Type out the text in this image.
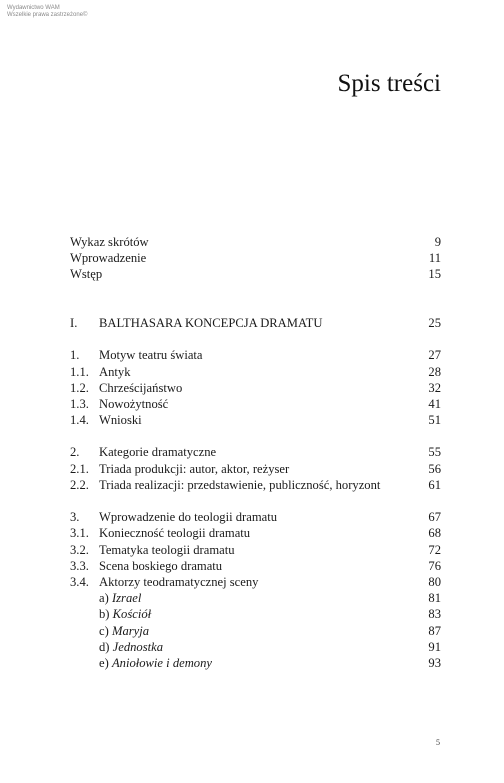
Wydawnictwo WAM
Wszelkie prawa zastrzeżone©
Spis treści
Wykaz skrótów	9
Wprowadzenie	11
Wstęp	15
I. BALTHASARA KONCEPCJA DRAMATU	25
1. Motyw teatru świata	27
1.1. Antyk	28
1.2. Chrześcijaństwo	32
1.3. Nowożytność	41
1.4. Wnioski	51
2. Kategorie dramatyczne	55
2.1. Triada produkcji: autor, aktor, reżyser	56
2.2. Triada realizacji: przedstawienie, publiczność, horyzont	61
3. Wprowadzenie do teologii dramatu	67
3.1. Konieczność teologii dramatu	68
3.2. Tematyka teologii dramatu	72
3.3. Scena boskiego dramatu	76
3.4. Aktorzy teodramatycznej sceny	80
a) Izrael	81
b) Kościół	83
c) Maryja	87
d) Jednostka	91
e) Aniołowie i demony	93
5
